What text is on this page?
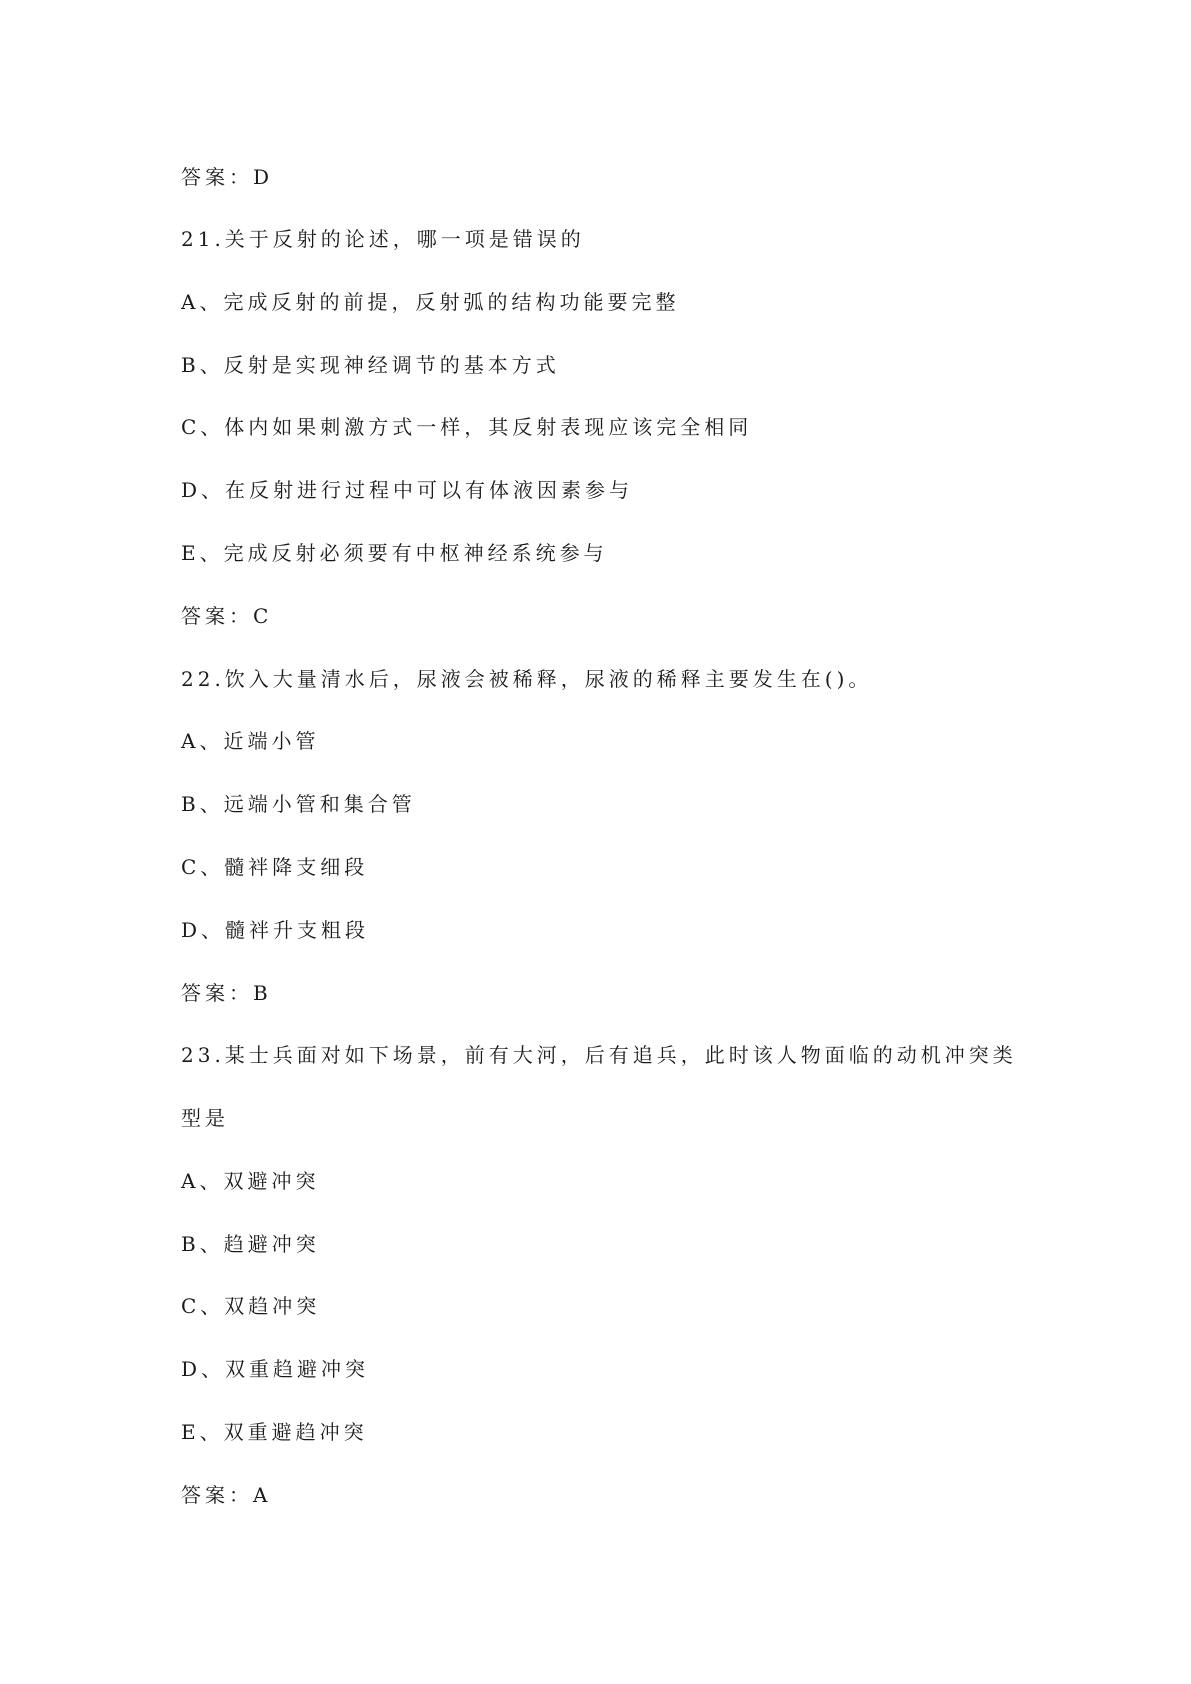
答案：D
21.关于反射的论述，哪一项是错误的
A、完成反射的前提，反射弧的结构功能要完整
B、反射是实现神经调节的基本方式
C、体内如果刺激方式一样，其反射表现应该完全相同
D、在反射进行过程中可以有体液因素参与
E、完成反射必须要有中枢神经系统参与
答案：C
22.饮入大量清水后，尿液会被稀释，尿液的稀释主要发生在()。
A、近端小管
B、远端小管和集合管
C、髓袢降支细段
D、髓袢升支粗段
答案：B
23.某士兵面对如下场景，前有大河，后有追兵，此时该人物面临的动机冲突类
型是
A、双避冲突
B、趋避冲突
C、双趋冲突
D、双重趋避冲突
E、双重避趋冲突
答案：A
